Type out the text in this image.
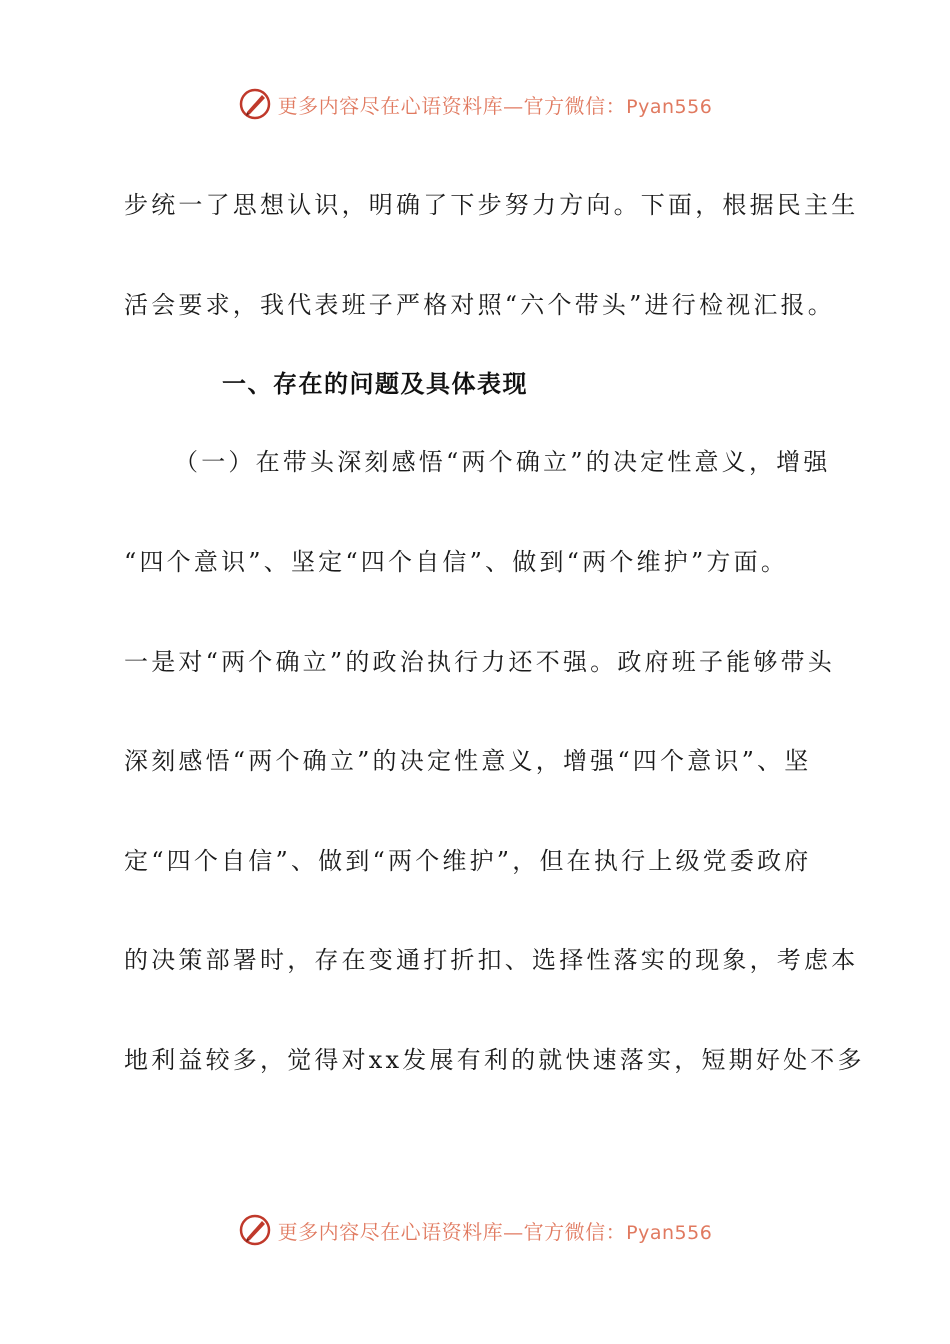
更多内容尽在心语资料库—官方微信：Pyan556
步统一了思想认识，明确了下步努力方向。下面，根据民主生
活会要求，我代表班子严格对照“六个带头”进行检视汇报。
一、存在的问题及具体表现
（一）在带头深刻感悟“两个确立”的决定性意义，增强
“四个意识”、坚定“四个自信”、做到“两个维护”方面。
一是对“两个确立”的政治执行力还不强。政府班子能够带头
深刻感悟“两个确立”的决定性意义，增强“四个意识”、坚
定“四个自信”、做到“两个维护”，但在执行上级党委政府
的决策部署时，存在变通打折扣、选择性落实的现象，考虑本
地利益较多，觉得对xx发展有利的就快速落实，短期好处不多
更多内容尽在心语资料库—官方微信：Pyan556
